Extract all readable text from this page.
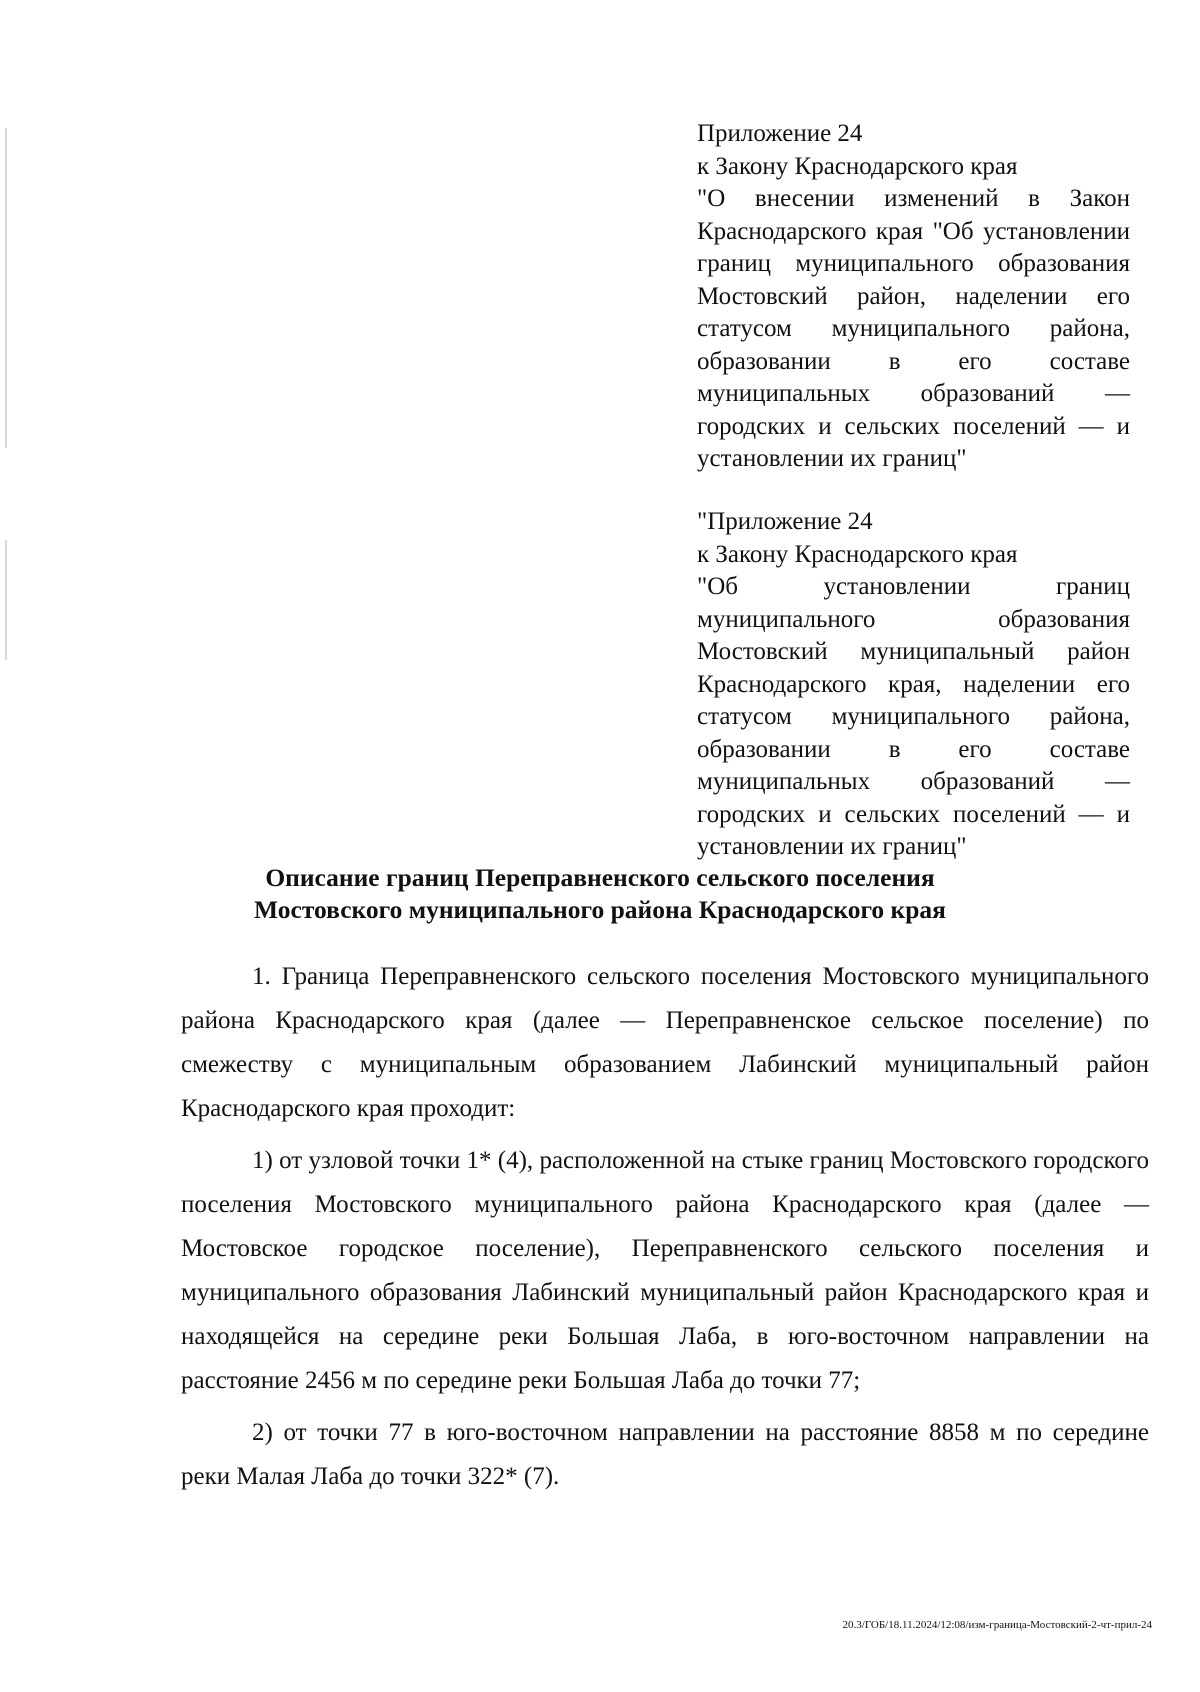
Приложение 24
к Закону Краснодарского края
"О внесении изменений в Закон Краснодарского края "Об установлении границ муниципального образования Мостовский район, наделении его статусом муниципального района, образовании в его составе муниципальных образований — городских и сельских поселений — и установлении их границ"
"Приложение 24
к Закону Краснодарского края
"Об установлении границ муниципального образования Мостовский муниципальный район Краснодарского края, наделении его статусом муниципального района, образовании в его составе муниципальных образований — городских и сельских поселений — и установлении их границ"
Описание границ Переправненского сельского поселения
Мостовского муниципального района Краснодарского края

1. Граница Переправненского сельского поселения Мостовского муниципального района Краснодарского края (далее — Переправненское сельское поселение) по смежеству с муниципальным образованием Лабинский муниципальный район Краснодарского края проходит:

1) от узловой точки 1* (4), расположенной на стыке границ Мостовского городского поселения Мостовского муниципального района Краснодарского края (далее — Мостовское городское поселение), Переправненского сельского поселения и муниципального образования Лабинский муниципальный район Краснодарского края и находящейся на середине реки Большая Лаба, в юго-восточном направлении на расстояние 2456 м по середине реки Большая Лаба до точки 77;

2) от точки 77 в юго-восточном направлении на расстояние 8858 м по середине реки Малая Лаба до точки 322* (7).

20.3/ГОБ/18.11.2024/12:08/изм-граница-Мостовский-2-чт-прил-24
